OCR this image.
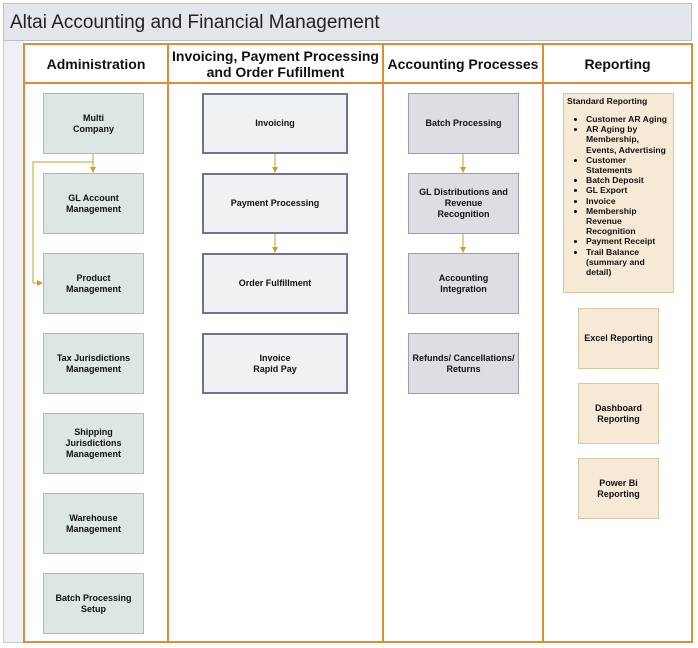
Altai Accounting and Financial Management
Administration	Invoicing, Payment Processing
and Order Fufillment	Accounting Processes	Reporting
Multi
Company
GL Account
Management
Product
Management
Tax Jurisdictions
Management
Shipping
Jurisdictions
Management
Warehouse
Management
Batch Processing
Setup
Invoicing
Payment Processing
Order Fulfillment
Invoice
Rapid Pay
Batch Processing
GL Distributions and
Revenue
Recognition
Accounting
Integration
Refunds/ Cancellations/
Returns
Standard Reporting
• Customer AR Aging
• AR Aging by Membership, Events, Advertising
• Customer Statements
• Batch Deposit
• GL Export
• Invoice
• Membership Revenue Recognition
• Payment Receipt
• Trail Balance (summary and detail)
Excel Reporting
Dashboard
Reporting
Power Bi
Reporting
